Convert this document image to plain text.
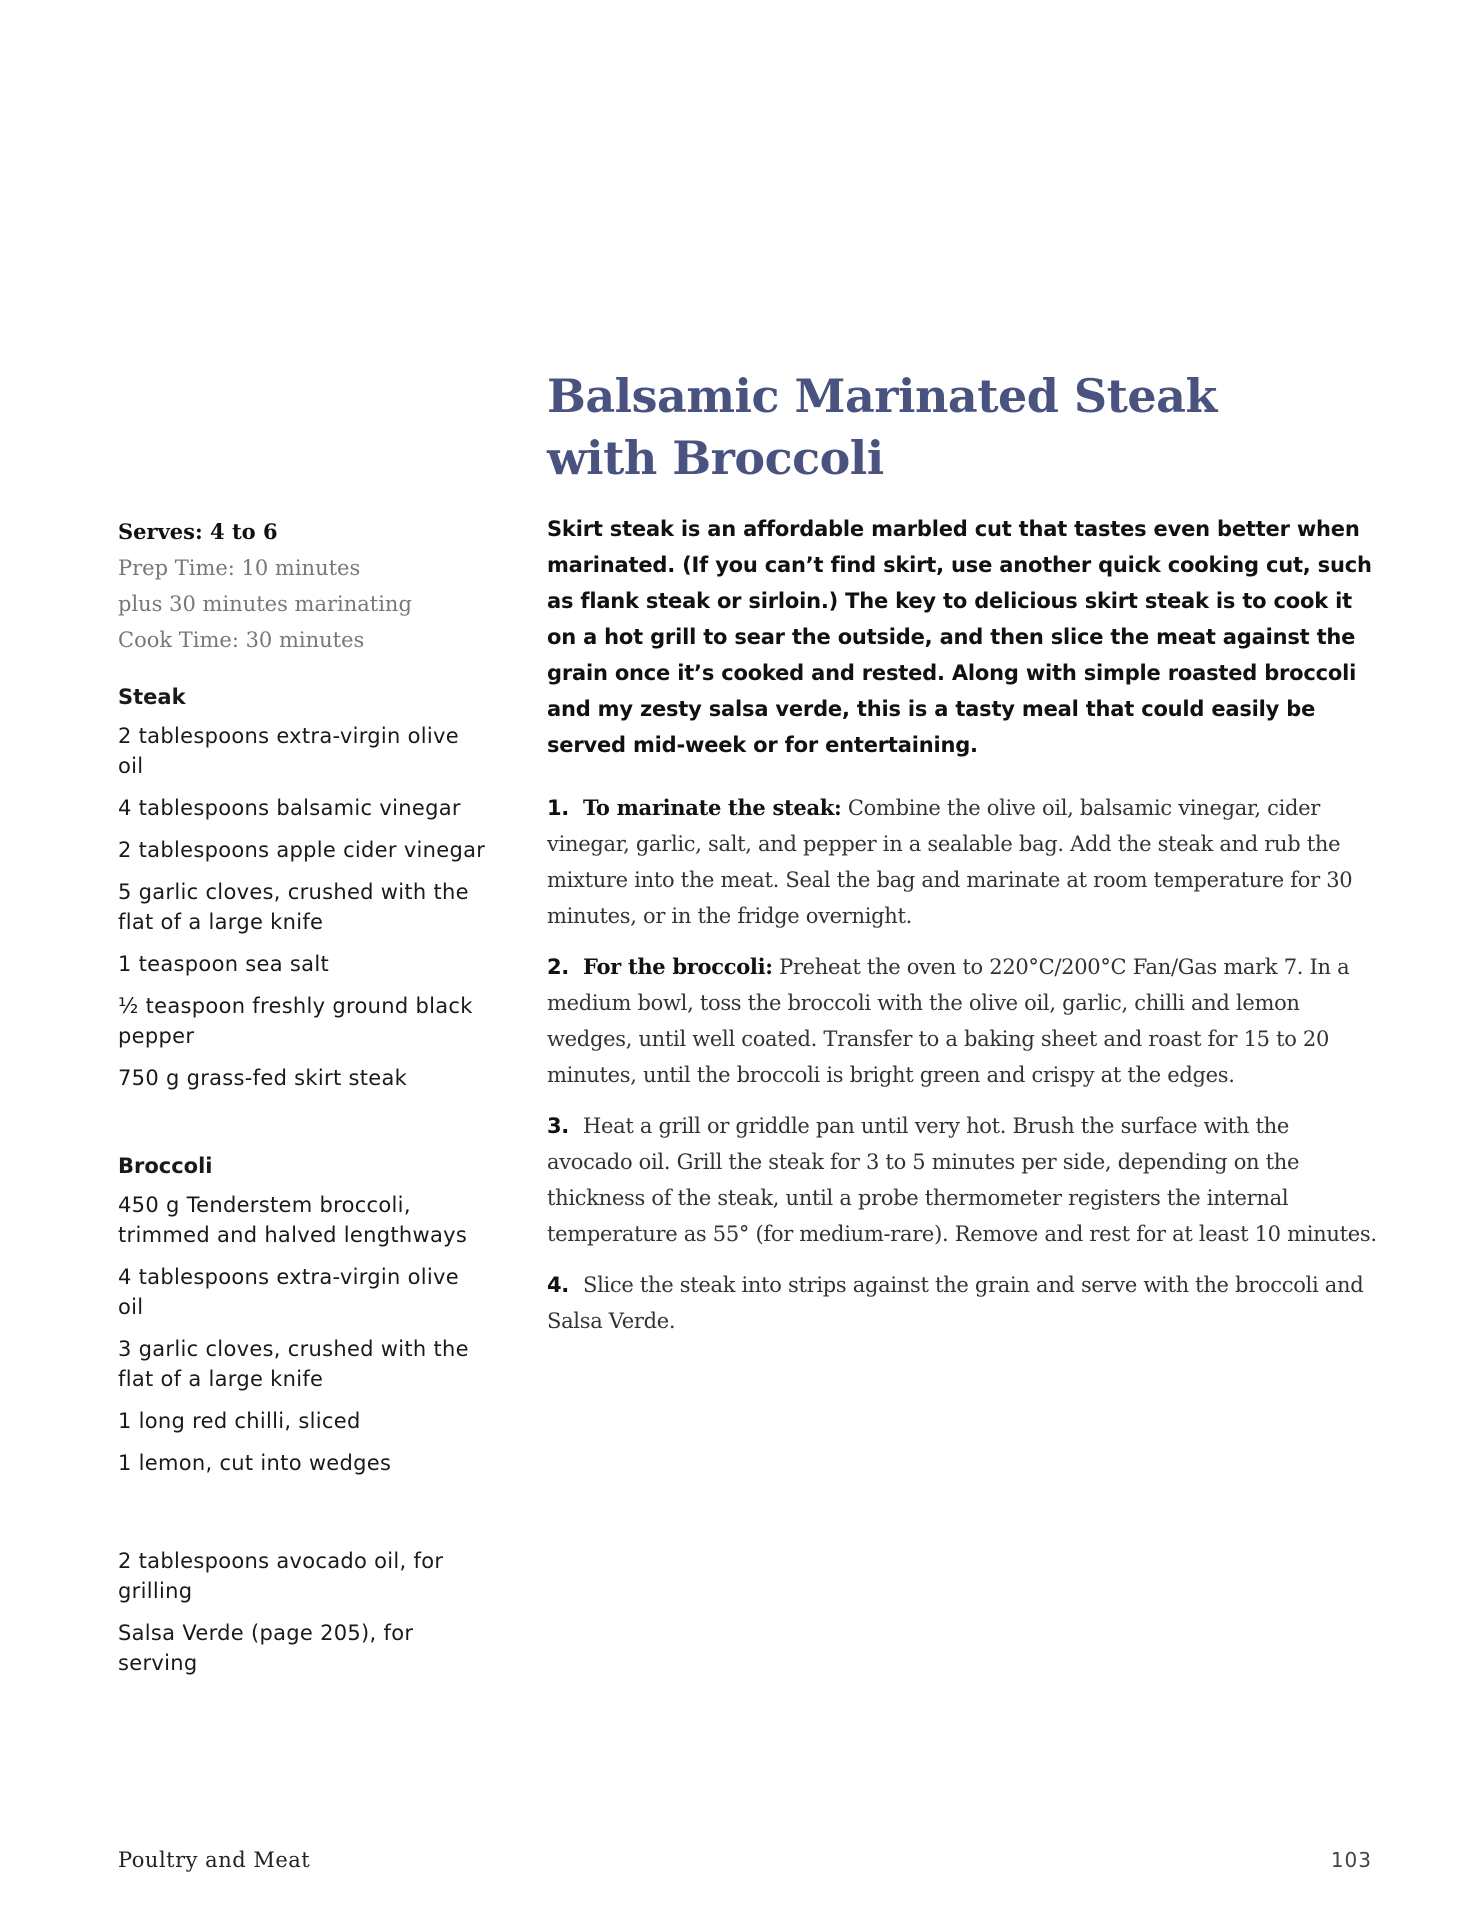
Balsamic Marinated Steak
with Broccoli
Serves: 4 to 6
Prep Time: 10 minutes
plus 30 minutes marinating
Cook Time: 30 minutes
Steak
2 tablespoons extra-virgin olive oil
4 tablespoons balsamic vinegar
2 tablespoons apple cider vinegar
5 garlic cloves, crushed with the flat of a large knife
1 teaspoon sea salt
½ teaspoon freshly ground black pepper
750 g grass-fed skirt steak
Broccoli
450 g Tenderstem broccoli, trimmed and halved lengthways
4 tablespoons extra-virgin olive oil
3 garlic cloves, crushed with the flat of a large knife
1 long red chilli, sliced
1 lemon, cut into wedges
2 tablespoons avocado oil, for grilling
Salsa Verde (page 205), for serving

Skirt steak is an affordable marbled cut that tastes even better when marinated. (If you can’t find skirt, use another quick cooking cut, such as flank steak or sirloin.) The key to delicious skirt steak is to cook it on a hot grill to sear the outside, and then slice the meat against the grain once it’s cooked and rested. Along with simple roasted broccoli and my zesty salsa verde, this is a tasty meal that could easily be served mid-week or for entertaining.

1. To marinate the steak: Combine the olive oil, balsamic vinegar, cider vinegar, garlic, salt, and pepper in a sealable bag. Add the steak and rub the mixture into the meat. Seal the bag and marinate at room temperature for 30 minutes, or in the fridge overnight.
2. For the broccoli: Preheat the oven to 220°C/200°C Fan/Gas mark 7. In a medium bowl, toss the broccoli with the olive oil, garlic, chilli and lemon wedges, until well coated. Transfer to a baking sheet and roast for 15 to 20 minutes, until the broccoli is bright green and crispy at the edges.
3. Heat a grill or griddle pan until very hot. Brush the surface with the avocado oil. Grill the steak for 3 to 5 minutes per side, depending on the thickness of the steak, until a probe thermometer registers the internal temperature as 55° (for medium-rare). Remove and rest for at least 10 minutes.
4. Slice the steak into strips against the grain and serve with the broccoli and Salsa Verde.
Poultry and Meat	103
